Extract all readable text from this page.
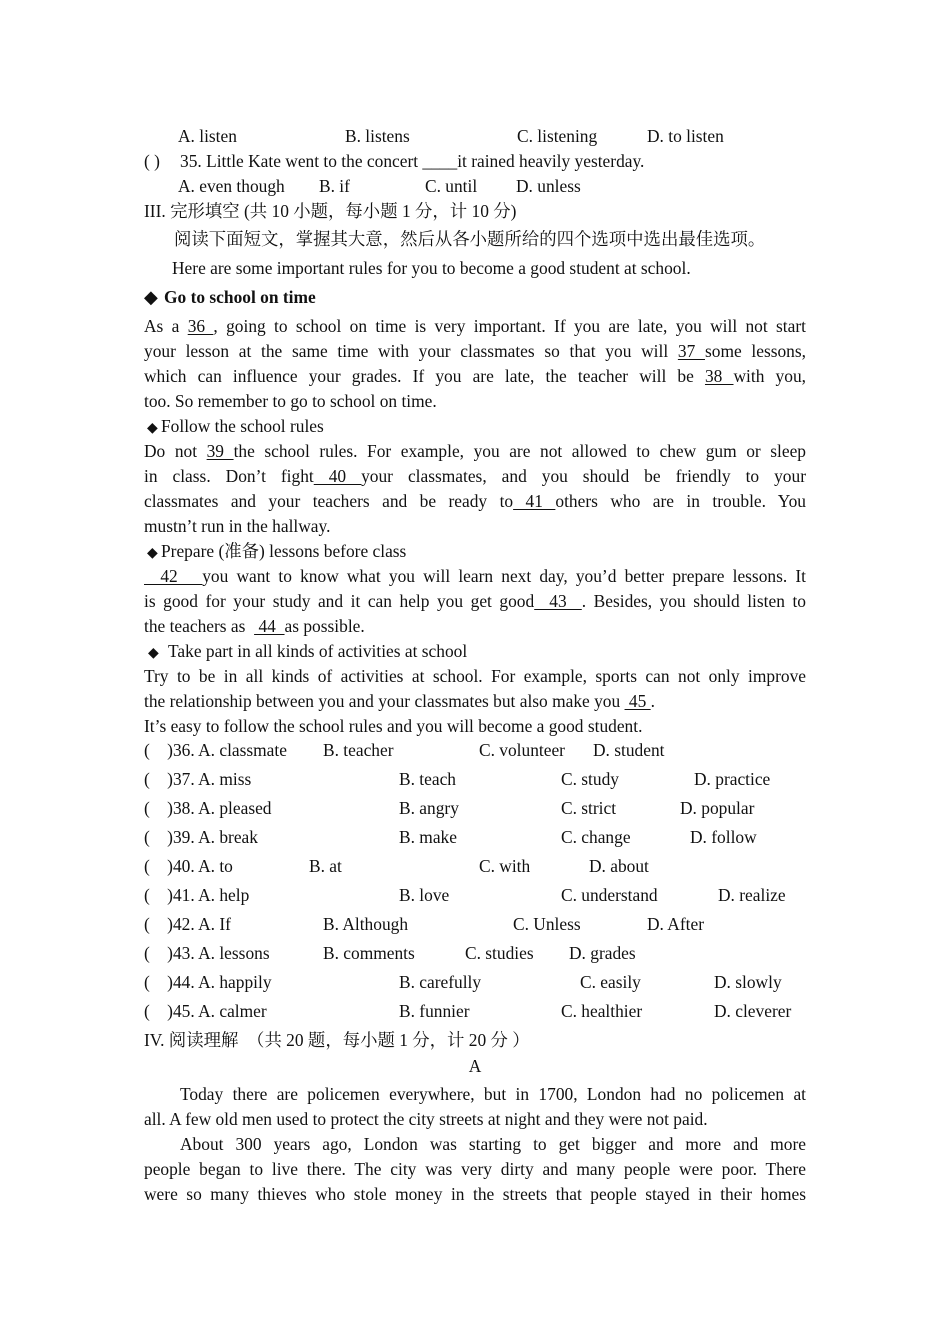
A. listen	B. listens	C. listening	D. to listen
( ) 35. Little Kate went to the concert ____it rained heavily yesterday.
A. even though B. if	C. until D. unless
III. 完形填空 (共 10 小题，每小题 1 分，计 10 分)
阅读下面短文，掌握其大意，然后从各小题所给的四个选项中选出最佳选项。
Here are some important rules for you to become a good student at school.
◆ Go to school on time
As a 36 , going to school on time is very important. If you are late, you will not start
your lesson at the same time with your classmates so that you will 37 some lessons,
which can influence your grades. If you are late, the teacher will be 38 with you,
too. So remember to go to school on time.
◆ Follow the school rules
Do not 39 the school rules. For example, you are not allowed to chew gum or sleep
in class. Don’t fight 40 your classmates, and you should be friendly to your
classmates and your teachers and be ready to 41 others who are in trouble. You
mustn’t run in the hallway.
◆ Prepare (准备) lessons before class
42   you want to know what you will learn next day, you’d better prepare lessons. It
is good for your study and it can help you get good  43  . Besides, you should listen to
the teachers as   44  as possible.
◆ Take part in all kinds of activities at school
Try to be in all kinds of activities at school. For example, sports can not only improve
the relationship between you and your classmates but also make you  45 .
It’s easy to follow the school rules and you will become a good student.
(    )36. A. classmate B. teacher	C. volunteer D. student
(    )37. A. miss	B. teach	C. study	D. practice
(    )38. A. pleased	B. angry	C. strict	D. popular
(    )39. A. break	B. make	C. change	D. follow
(    )40. A. to	B. at	C. with	D. about
(    )41. A. help	B. love	C. understand	D. realize
(    )42. A. If	B. Although	C. Unless	D. After
(    )43. A. lessons	B. comments	C. studies D. grades
(    )44. A. happily	B. carefully	C. easily	D. slowly
(    )45. A. calmer	B. funnier	C. healthier	D. cleverer
IV. 阅读理解　（共 20 题，每小题 1 分，计 20 分 ）
A
Today there are policemen everywhere, but in 1700, London had no policemen at
all. A few old men used to protect the city streets at night and they were not paid.
About 300 years ago, London was starting to get bigger and more and more
people began to live there. The city was very dirty and many people were poor. There
were so many thieves who stole money in the streets that people stayed in their homes
